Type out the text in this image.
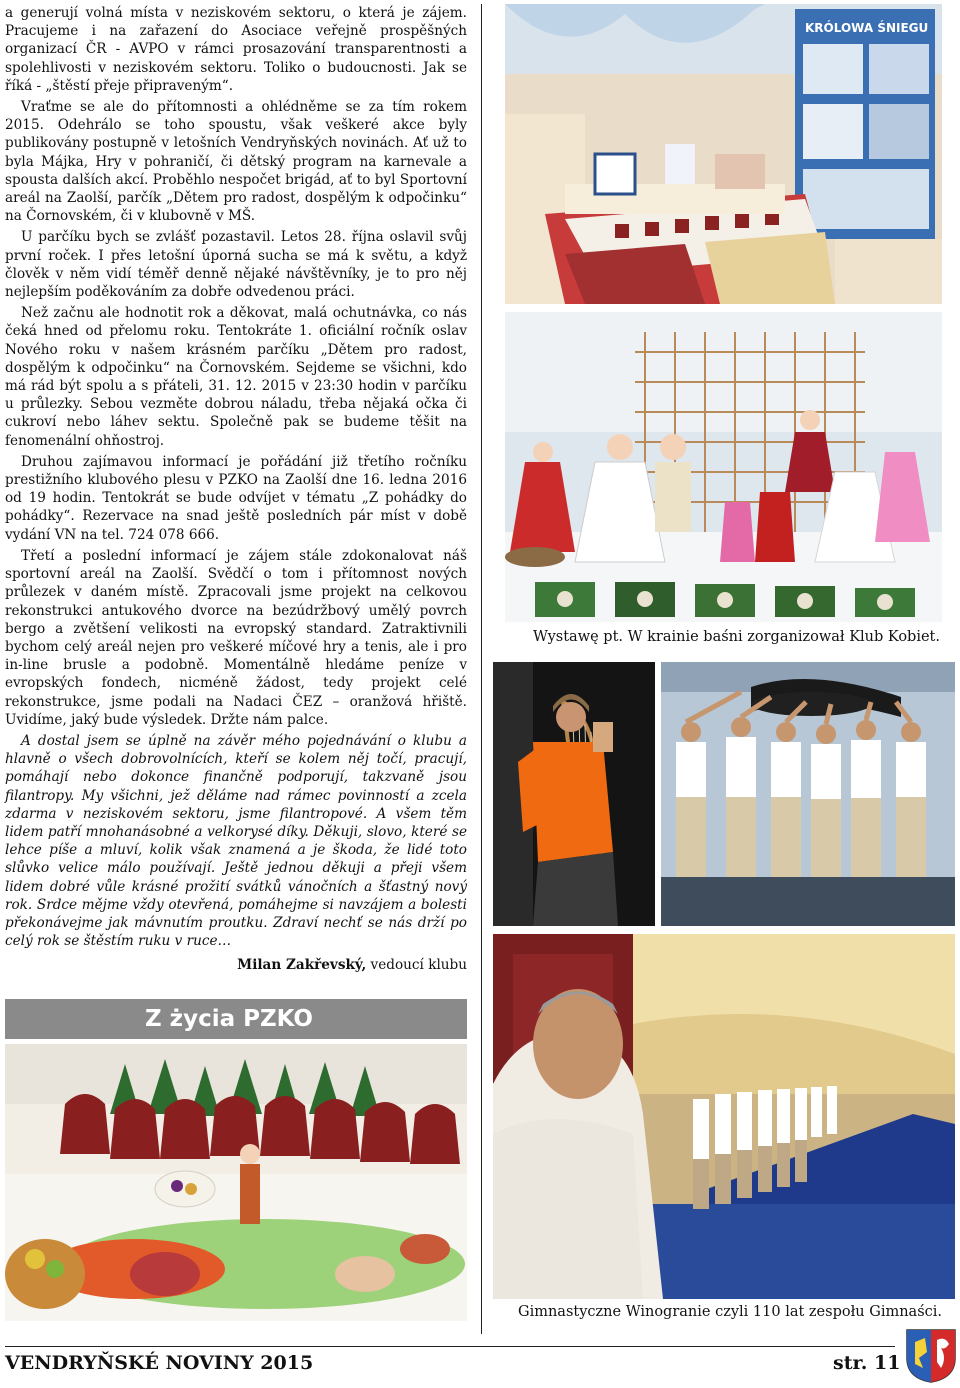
a generují volná místa v neziskovém sektoru, o která je zájem. Pracujeme i na zařazení do Asociace veřejně prospěšných organizací ČR - AVPO v rámci prosazování transparentnosti a spolehlivosti v neziskovém sektoru. Toliko o budoucnosti. Jak se říká - „štěstí přeje připraveným“.

Vraťme se ale do přítomnosti a ohlédněme se za tím rokem 2015. Odehrálo se toho spoustu, však veškeré akce byly publikovány postupně v letošních Vendryňských novinách. Ať už to byla Májka, Hry v pohraničí, či dětský program na karnevale a spousta dalších akcí. Proběhlo nespočet brigád, ať to byl Sportovní areál na Zaolší, parčík „Dětem pro radost, dospělým k odpočinku“ na Čornovském, či v klubovně v MŠ.

U parčíku bych se zvlášť pozastavil. Letos 28. října oslavil svůj první roček. I přes letošní úporná sucha se má k světu, a když člověk v něm vidí téměř denně nějaké návštěvníky, je to pro něj nejlepším poděkováním za dobře odvedenou práci.

Než začnu ale hodnotit rok a děkovat, malá ochutnávka, co nás čeká hned od přelomu roku. Tentokráte 1. oficiální ročník oslav Nového roku v našem krásném parčíku „Dětem pro radost, dospělým k odpočinku“ na Čornovském. Sejdeme se všichni, kdo má rád být spolu a s přáteli, 31. 12. 2015 v 23:30 hodin v parčíku u průlezky. Sebou vezměte dobrou náladu, třeba nějaká očka či cukroví nebo láhev sektu. Společně pak se budeme těšit na fenomenální ohňostroj.

Druhou zajímavou informací je pořádání již třetího ročníku prestižního klubového plesu v PZKO na Zaolší dne 16. ledna 2016 od 19 hodin. Tentokrát se bude odvíjet v tématu „Z pohádky do pohádky“. Rezervace na snad ještě posledních pár míst v době vydání VN na tel. 724 078 666.

Třetí a poslední informací je zájem stále zdokonalovat náš sportovní areál na Zaolší. Svědčí o tom i přítomnost nových průlezek v daném místě. Zpracovali jsme projekt na celkovou rekonstrukci antukového dvorce na bezúdržbový umělý povrch bergo a zvětšení velikosti na evropský standard. Zatraktivnili bychom celý areál nejen pro veškeré míčové hry a tenis, ale i pro in-line brusle a podobně. Momentálně hledáme peníze v evropských fondech, nicméně žádost, tedy projekt celé rekonstrukce, jsme podali na Nadaci ČEZ – oranžová hřiště. Uvidíme, jaký bude výsledek. Držte nám palce.

A dostal jsem se úplně na závěr mého pojednávání o klubu a hlavně o všech dobrovolnících, kteří se kolem něj točí, pracují, pomáhají nebo dokonce finančně podporují, takzvaně jsou filantropy. My všichni, jež děláme nad rámec povinností a zcela zdarma v neziskovém sektoru, jsme filantropové. A všem těm lidem patří mnohanásobné a velkorysé díky. Děkuji, slovo, které se lehce píše a mluví, kolik však znamená a je škoda, že lidé toto slůvko velice málo používají. Ještě jednou děkuji a přeji všem lidem dobré vůle krásné prožití svátků vánočních a šťastný nový rok. Srdce mějme vždy otevřená, pomáhejme si navzájem a bolesti překonávejme jak mávnutím proutku. Zdraví nechť se nás drží po celý rok se štěstím ruku v ruce…

Milan Zakřevský, vedoucí klubu

KRÓLOWA ŚNIEGU
Wystawę pt. W krainie baśni zorganizował Klub Kobiet.
Gimnastyczne Winogranie czyli 110 lat zespołu Gimnaści.
Z życia PZKO
VENDRYŇSKÉ NOVINY 2015	str. 11
